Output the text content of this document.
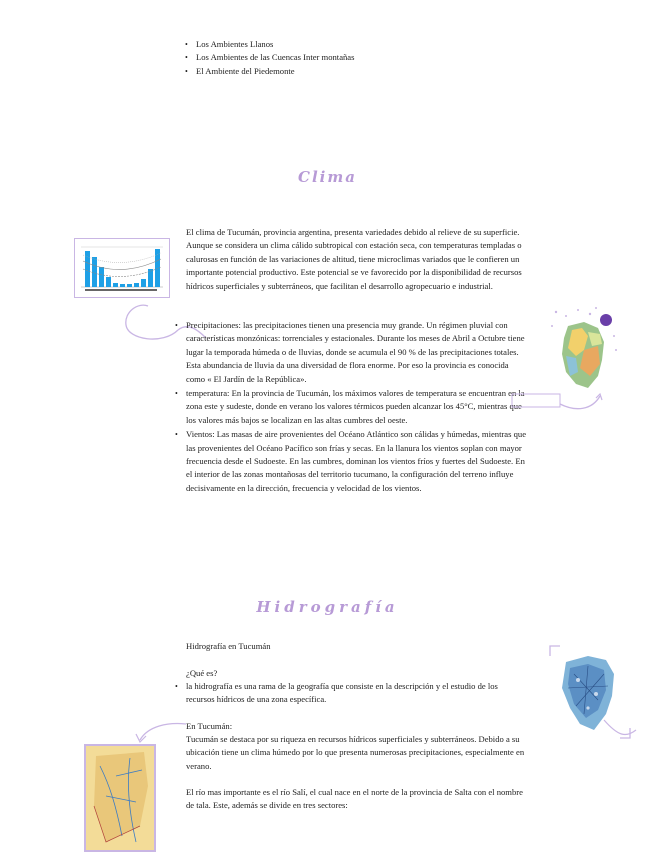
• Los Ambientes Llanos
• Los Ambientes de las Cuencas Inter montañas
• El Ambiente del Piedemonte
Clima

El clima de Tucumán, provincia argentina, presenta variedades debido al relieve de su superficie. Aunque se considera un clima cálido subtropical con estación seca, con temperaturas templadas o calurosas en función de las variaciones de altitud, tiene microclimas variados que le confieren un importante potencial productivo. Este potencial se ve favorecido por la disponibilidad de recursos hídricos superficiales y subterráneos, que facilitan el desarrollo agropecuario e industrial.

• Precipitaciones: las precipitaciones tienen una presencia muy grande. Un régimen pluvial con características monzónicas: torrenciales y estacionales. Durante los meses de Abril a Octubre tiene lugar la temporada húmeda o de lluvias, donde se acumula el 90 % de las precipitaciones totales. Esta abundancia de lluvia da una diversidad de flora enorme. Por eso la provincia es conocida como « El Jardín de la República».
• temperatura: En la provincia de Tucumán, los máximos valores de temperatura se encuentran en la zona este y sudeste, donde en verano los valores térmicos pueden alcanzar los 45°C, mientras que los valores más bajos se localizan en las altas cumbres del oeste.
• Vientos: Las masas de aire provenientes del Océano Atlántico son cálidas y húmedas, mientras que las provenientes del Océano Pacífico son frías y secas. En la llanura los vientos soplan con mayor frecuencia desde el Sudoeste. En las cumbres, dominan los vientos fríos y fuertes del Sudoeste. En el interior de las zonas montañosas del territorio tucumano, la configuración del terreno influye decisivamente en la dirección, frecuencia y velocidad de los vientos.
Hidrografía
Hidrografía en Tucumán
¿Qué es?
• la hidrografía es una rama de la geografía que consiste en la descripción y el estudio de los recursos hídricos de una zona específica.
En Tucumán:

Tucumán se destaca por su riqueza en recursos hídricos superficiales y subterráneos. Debido a su ubicación tiene un clima húmedo por lo que presenta numerosas precipitaciones, especialmente en verano.

El río mas importante es el río Salí, el cual nace en el norte de la provincia de Salta con el nombre de tala. Este, además se divide en tres sectores:
